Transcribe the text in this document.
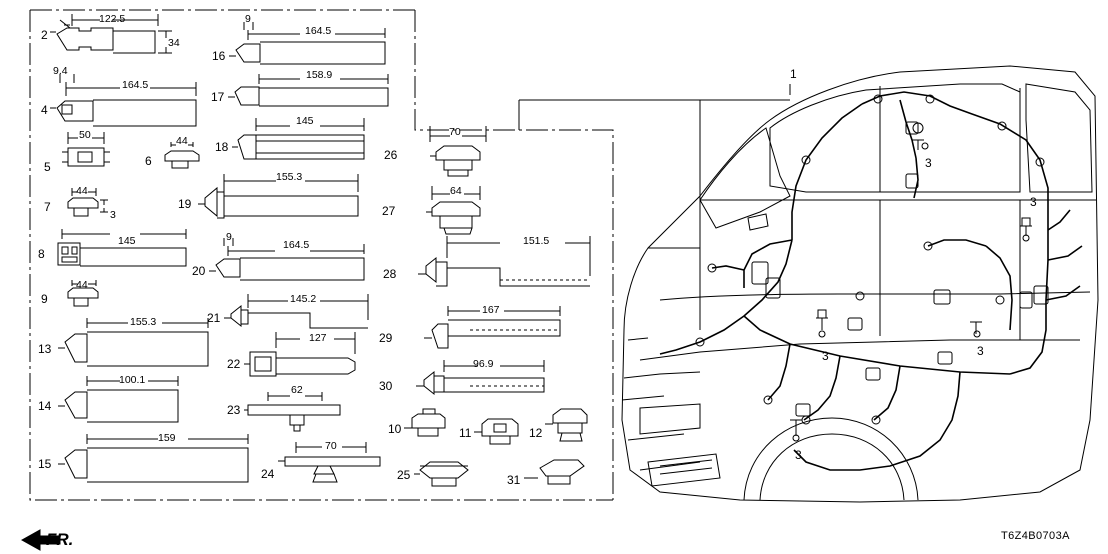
1
2
3
3
3	3
3
4
5	6
7
8
9
10	11	12
13
14
15
16
17
18
19
20
21
22
23
24	25
26
27
28
29
30
31
122.5
34
9.4
164.5
9
164.5
158.9
50	44
145
70
44
3
155.3
64
145	9
164.5	151.5
44
145.2
167
155.3
127
96.9
100.1
62
159
70
FR.	T6Z4B0703A
